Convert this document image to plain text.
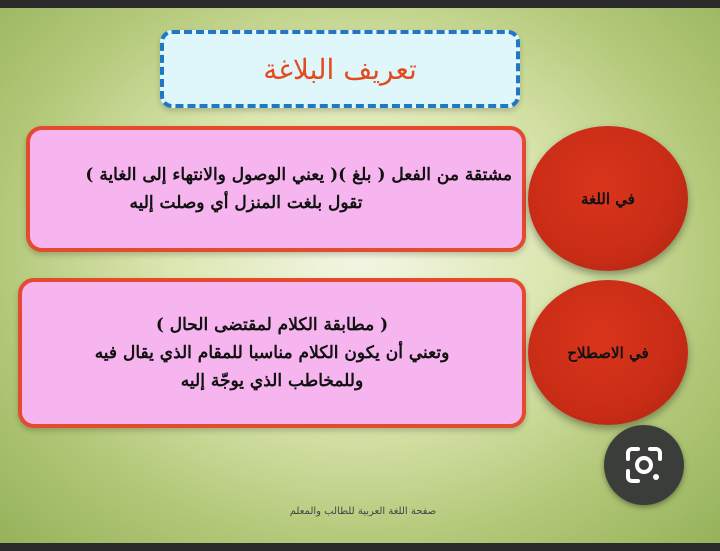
تعريف البلاغة

مشتقة من الفعل ( بلغ )( يعني الوصول والانتهاء إلى الغاية )

تقول بلغت المنزل أي وصلت إليه	في اللغة

( مطابقة الكلام لمقتضى الحال )

وتعني أن يكون الكلام مناسبا للمقام الذي يقال فيه

وللمخاطب الذي يوجّة إليه

في الاصطلاح
صفحة اللغة العربية للطالب والمعلم
